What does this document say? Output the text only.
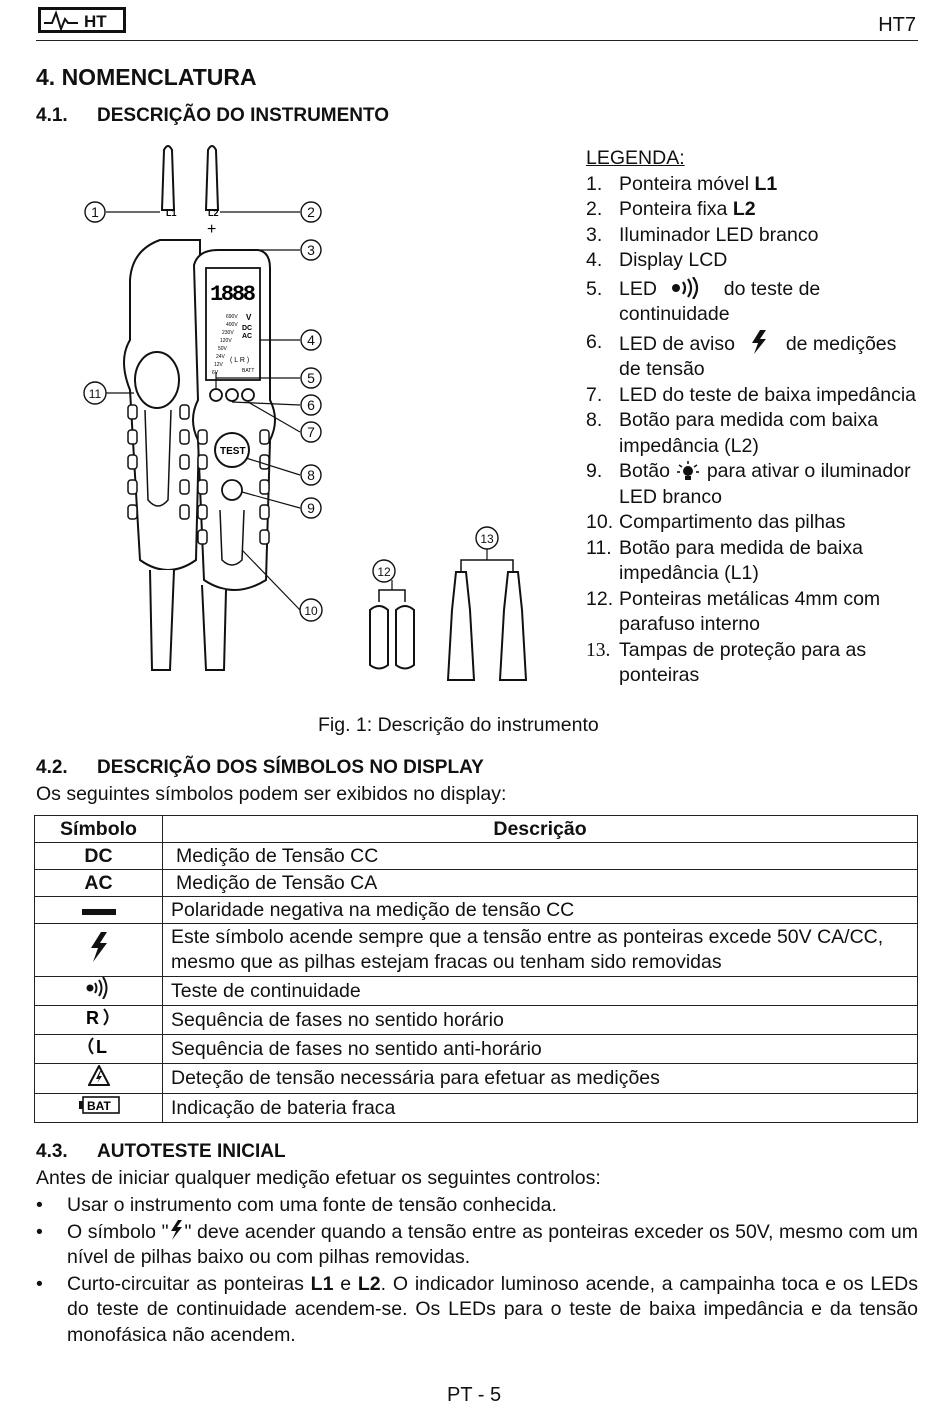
HT	HT7
4. NOMENCLATURA
4.1. DESCRIÇÃO DO INSTRUMENTO
L1	L2
+
1888
690V
400V
230V
120V
50V
24V
12V
6V
V
DC
AC
( L R )
BATT
TEST
1	2
3
4
5
6
7
8
9
10
11
12
13
LEGENDA:
1. Ponteira móvel L1
2. Ponteira fixa L2
3. Iluminador LED branco
4. Display LCD
5. LED	do teste de continuidade
6. LED de aviso	de medições de tensão
7. LED do teste de baixa impedância
8. Botão para medida com baixa impedância (L2)
9. Botão para ativar o iluminador LED branco
10. Compartimento das pilhas
11. Botão para medida de baixa impedância (L1)
12. Ponteiras metálicas 4mm com parafuso interno
13. Tampas de proteção para as ponteiras
Fig. 1: Descrição do instrumento
4.2. DESCRIÇÃO DOS SÍMBOLOS NO DISPLAY
Os seguintes símbolos podem ser exibidos no display:
Símbolo	Descrição
DC	Medição de Tensão CC
AC	Medição de Tensão CA
	Polaridade negativa na medição de tensão CC
	Este símbolo acende sempre que a tensão entre as ponteiras excede 50V CA/CC, mesmo que as pilhas estejam fracas ou tenham sido removidas
	Teste de continuidade

R	Sequência de fases no sentido horário

L	Sequência de fases no sentido anti-horário
	Deteção de tensão necessária para efetuar as medições

BAT	Indicação de bateria fraca
4.3. AUTOTESTE INICIAL
Antes de iniciar qualquer medição efetuar os seguintes controlos:
• Usar o instrumento com uma fonte de tensão conhecida.
• O símbolo " " deve acender quando a tensão entre as ponteiras exceder os 50V, mesmo com um nível de pilhas baixo ou com pilhas removidas.
• Curto-circuitar as ponteiras L1 e L2. O indicador luminoso acende, a campainha toca e os LEDs do teste de continuidade acendem-se. Os LEDs para o teste de baixa impedância e da tensão monofásica não acendem.
PT - 5
